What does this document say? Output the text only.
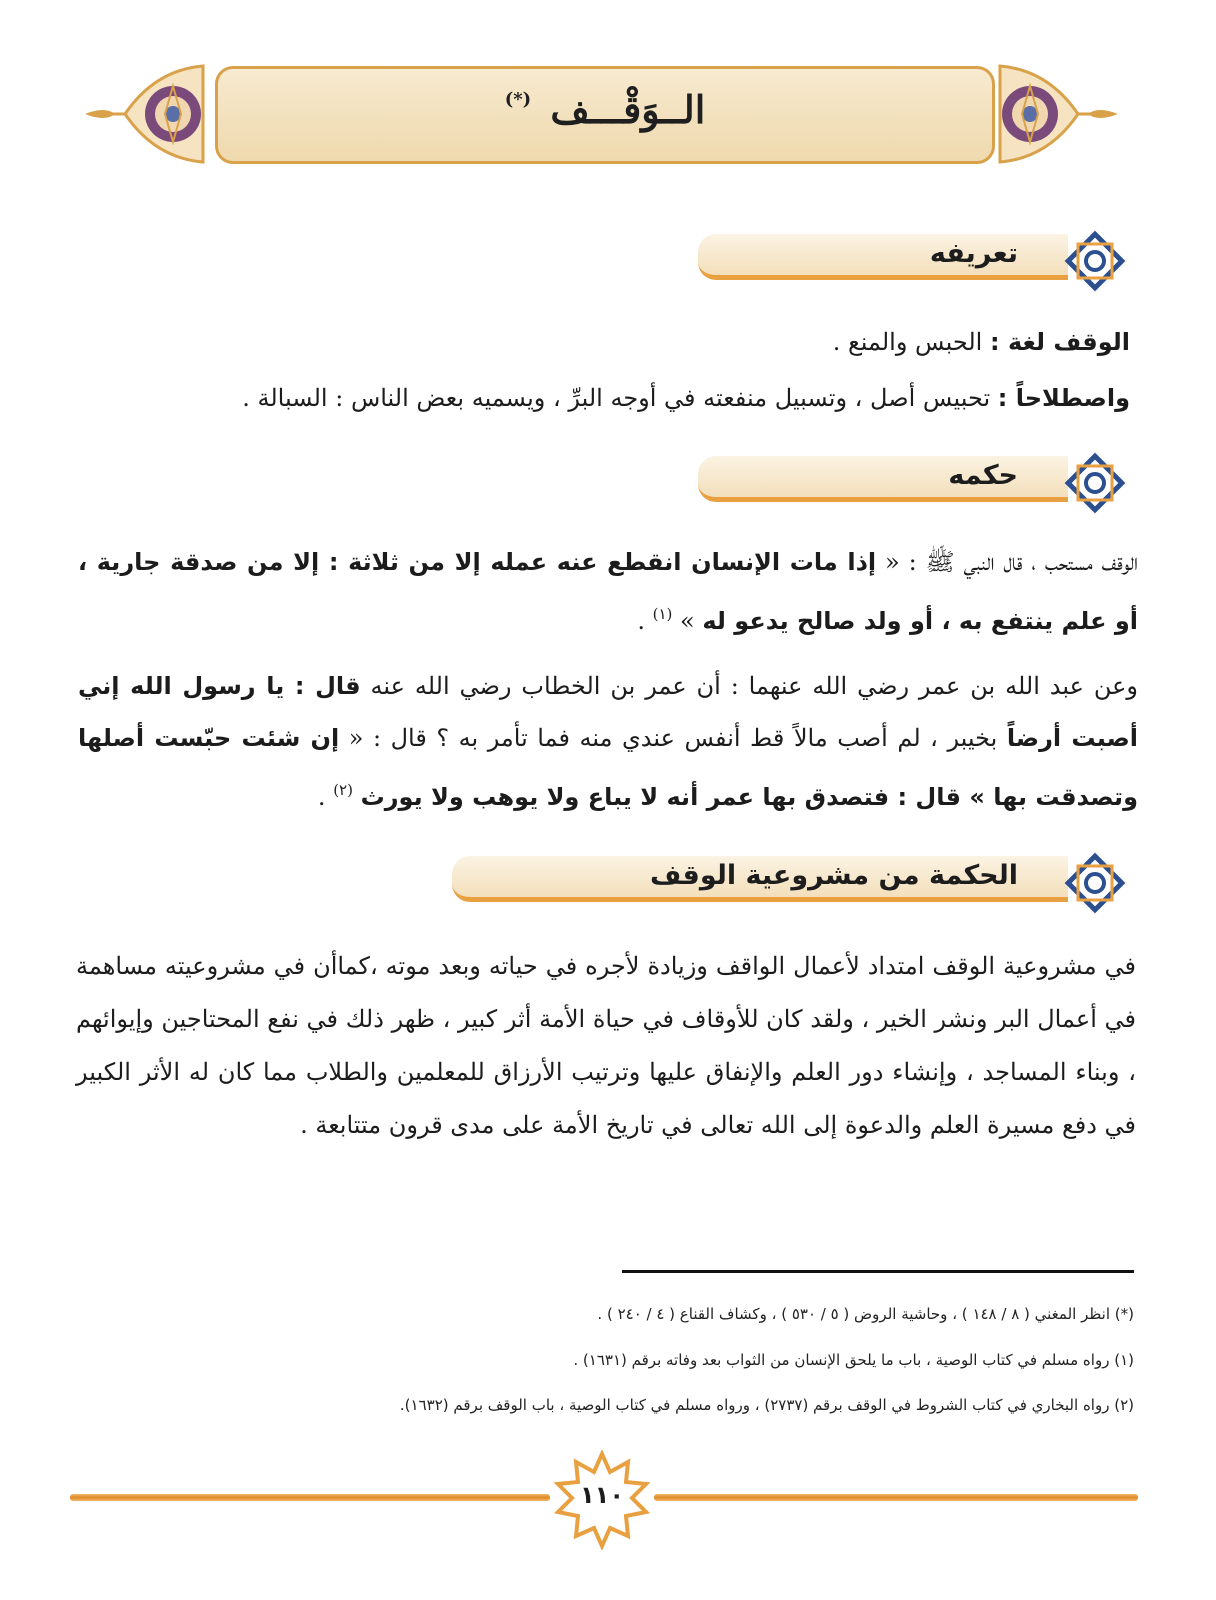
الــوَقْـــف (*)
تعريفه
الوقف لغة : الحبس والمنع .
واصطلاحاً : تحبيس أصل ، وتسبيل منفعته في أوجه البرِّ ، ويسميه بعض الناس : السبالة .
حكمه
الوقف مستحب ، قال النبي ﷺ : « إذا مات الإنسان انقطع عنه عمله إلا من ثلاثة : إلا من صدقة جارية ، أو علم ينتفع به ، أو ولد صالح يدعو له » $^{(١)}$ .
وعن عبد الله بن عمر رضي الله عنهما : أن عمر بن الخطاب رضي الله عنه قال : يا رسول الله إني أصبت أرضاً بخيبر ، لم أصب مالاً قط أنفس عندي منه فما تأمر به ؟ قال : « إن شئت حبّست أصلها وتصدقت بها » قال : فتصدق بها عمر أنه لا يباع ولا يوهب ولا يورث $^{(٢)}$ .
الحكمة من مشروعية الوقف
في مشروعية الوقف امتداد لأعمال الواقف وزيادة لأجره في حياته وبعد موته ،كماأن في مشروعيته مساهمة في أعمال البر ونشر الخير ، ولقد كان للأوقاف في حياة الأمة أثر كبير ، ظهر ذلك في نفع المحتاجين وإيوائهم ، وبناء المساجد ، وإنشاء دور العلم والإنفاق عليها وترتيب الأرزاق للمعلمين والطلاب مما كان له الأثر الكبير في دفع مسيرة العلم والدعوة إلى الله تعالى في تاريخ الأمة على مدى قرون متتابعة .
(*) انظر المغني ( ٨ / ١٤٨ ) ، وحاشية الروض ( ٥ / ٥٣٠ ) ، وكشاف القناع ( ٤ / ٢٤٠ ) .
(١) رواه مسلم في كتاب الوصية ، باب ما يلحق الإنسان من الثواب بعد وفاته برقم (١٦٣١) .
(٢) رواه البخاري في كتاب الشروط في الوقف برقم (٢٧٣٧) ، ورواه مسلم في كتاب الوصية ، باب الوقف برقم (١٦٣٢).
١١٠
